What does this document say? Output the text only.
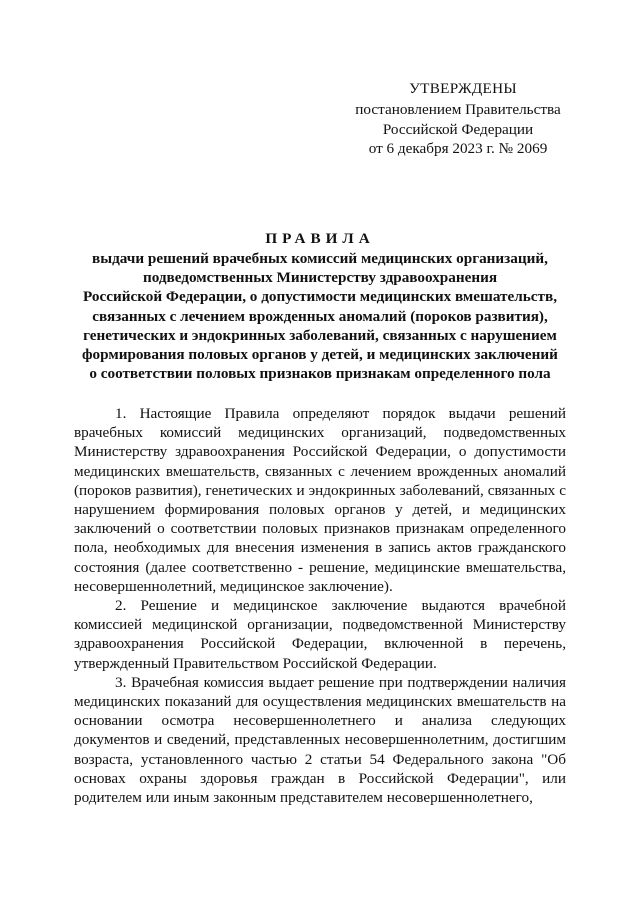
УТВЕРЖДЕНЫ
постановлением Правительства
Российской Федерации
от 6 декабря 2023 г. № 2069
ПРАВИЛА
выдачи решений врачебных комиссий медицинских организаций,
подведомственных Министерству здравоохранения
Российской Федерации, о допустимости медицинских вмешательств,
связанных с лечением врожденных аномалий (пороков развития),
генетических и эндокринных заболеваний, связанных с нарушением
формирования половых органов у детей, и медицинских заключений
о соответствии половых признаков признакам определенного пола

1. Настоящие Правила определяют порядок выдачи решений врачебных комиссий медицинских организаций, подведомственных Министерству здравоохранения Российской Федерации, о допустимости медицинских вмешательств, связанных с лечением врожденных аномалий (пороков развития), генетических и эндокринных заболеваний, связанных с нарушением формирования половых органов у детей, и медицинских заключений о соответствии половых признаков признакам определенного пола, необходимых для внесения изменения в запись актов гражданского состояния (далее соответственно - решение, медицинские вмешательства, несовершеннолетний, медицинское заключение).

2. Решение и медицинское заключение выдаются врачебной комиссией медицинской организации, подведомственной Министерству здравоохранения Российской Федерации, включенной в перечень, утвержденный Правительством Российской Федерации.

3. Врачебная комиссия выдает решение при подтверждении наличия медицинских показаний для осуществления медицинских вмешательств на основании осмотра несовершеннолетнего и анализа следующих документов и сведений, представленных несовершеннолетним, достигшим возраста, установленного частью 2 статьи 54 Федерального закона "Об основах охраны здоровья граждан в Российской Федерации", или родителем или иным законным представителем несовершеннолетнего,
